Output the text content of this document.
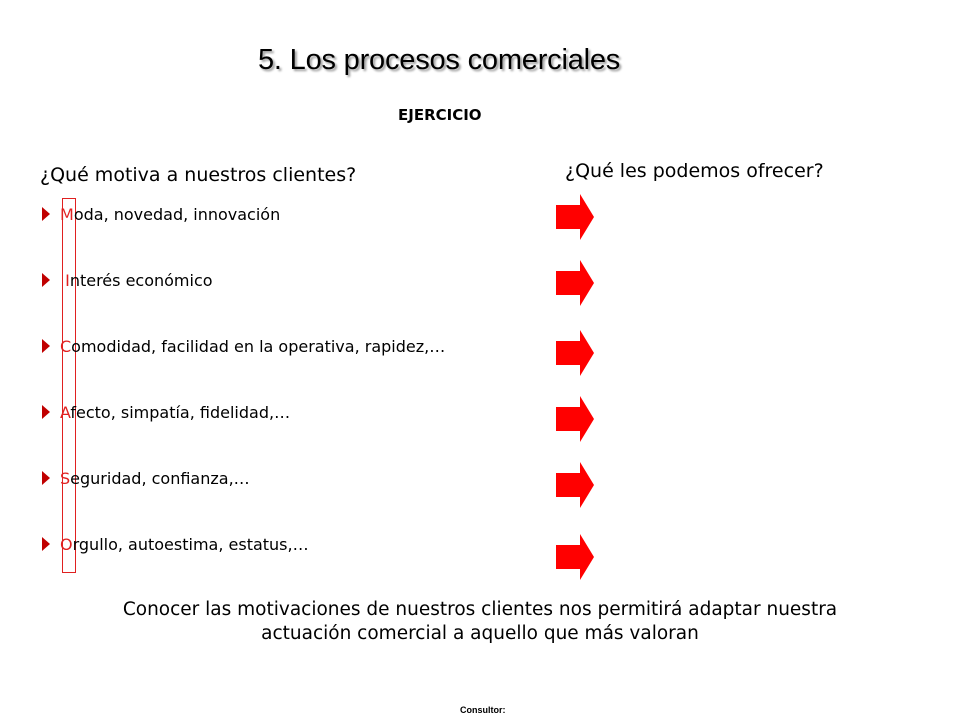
5. Los procesos comerciales
EJERCICIO
¿Qué motiva a nuestros clientes?	¿Qué les podemos ofrecer?
Moda, novedad, innovación
Interés económico
Comodidad, facilidad en la operativa, rapidez,…
Afecto, simpatía, fidelidad,…
Seguridad, confianza,…
Orgullo, autoestima, estatus,…
Conocer las motivaciones de nuestros clientes nos permitirá adaptar nuestra
actuación comercial a aquello que más valoran
Consultor:
